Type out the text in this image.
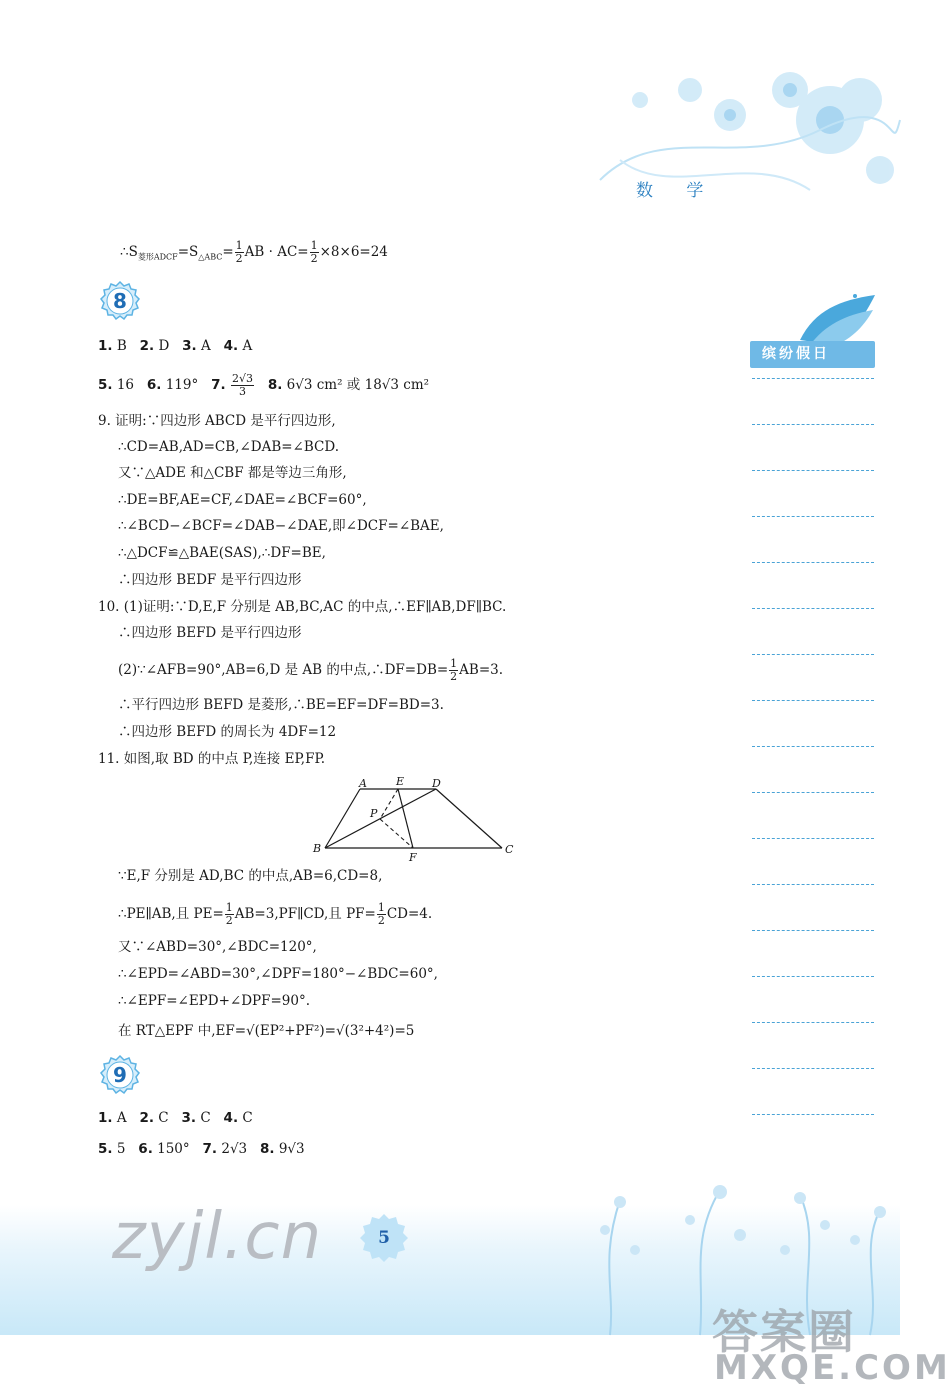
数 学
缤纷假日
$\therefore S_{菱形ADCF}=S_{\triangle ABC}= \frac{1}{2}$ AB · $AC= \frac{1}{2} \times 8\times 6=24$
8
1. B 2. D 3. A 4. A
5. 16 6. 119° 7. $\frac{2√3}{3} 8$. 6√3 cm² 或 18√3 cm²
9. 证明:∵四边形 ABCD 是平行四边形,
∴CD=AB,AD=CB,∠DAB=∠BCD.
又∵△ADE 和△CBF 都是等边三角形,
∴DE=BF,AE=CF,∠DAE=∠BCF=60°,
∴∠BCD−∠BCF=∠DAB−∠DAE,即∠DCF=∠BAE,
∴△DCF≌△BAE(SAS),∴DF=BE,
∴四边形 BEDF 是平行四边形
10. (1)证明:∵D,E,F 分别是 AB,BC,AC 的中点,∴EF∥AB,DF∥BC.
∴四边形 BEFD 是平行四边形
(2)∵∠AFB=90°,AB=6,D 是 AB 的中点,∴DF=DB= $\frac{1}{2} AB=3$.
∴平行四边形 BEFD 是菱形,∴BE=EF=DF=BD=3.
∴四边形 BEFD 的周长为 4DF=12
11. 如图,取 BD 的中点 P,连接 EP,FP.
A	E	D
P
B
F
C
∵E,F 分别是 AD,BC 的中点,AB=6,CD=8,
∴PE∥AB,且 $PE= \frac{1}{2}$ AB=3,PF∥CD,且 $PF= \frac{1}{2} CD=4$.
又∵∠ABD=30°,∠BDC=120°,
∴∠EPD=∠ABD=30°,∠DPF=180°−∠BDC=60°,
∴∠EPF=∠EPD+∠DPF=90°.
在 RT△EPF 中,EF=√(EP²+PF²)=√(3²+4²)=5
9
1. A 2. C 3. C 4. C
5. 5 6. 150° 7. 2√3 8. 9√3
zyjl.cn	5
答案圈
MXQE.COM
